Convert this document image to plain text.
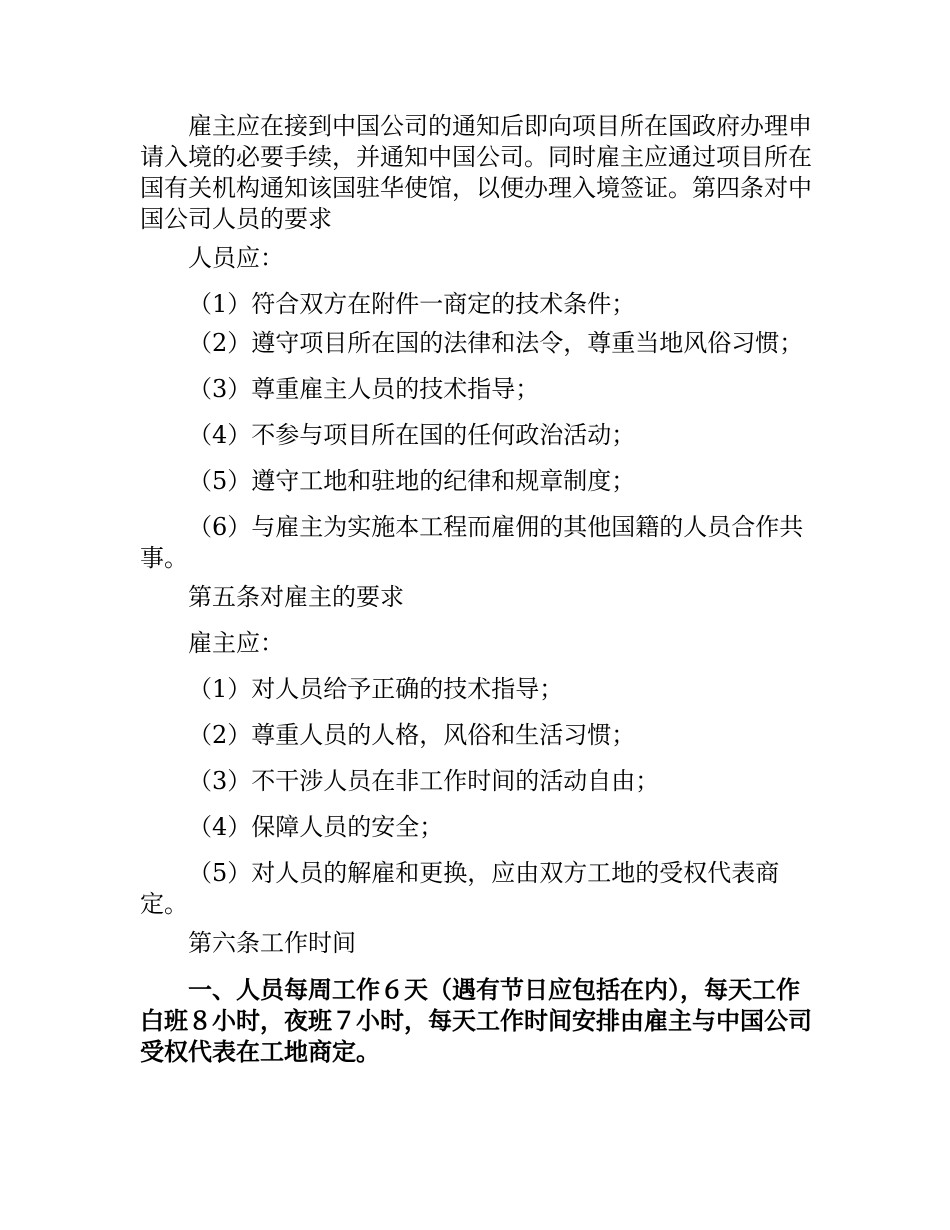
雇主应在接到中国公司的通知后即向项目所在国政府办理申请入境的必要手续，并通知中国公司。同时雇主应通过项目所在国有关机构通知该国驻华使馆，以便办理入境签证。第四条对中国公司人员的要求

人员应：

（1）符合双方在附件一商定的技术条件；

（2）遵守项目所在国的法律和法令，尊重当地风俗习惯；

（3）尊重雇主人员的技术指导；

（4）不参与项目所在国的任何政治活动；

（5）遵守工地和驻地的纪律和规章制度；

（6）与雇主为实施本工程而雇佣的其他国籍的人员合作共事。

第五条对雇主的要求

雇主应：

（1）对人员给予正确的技术指导；

（2）尊重人员的人格，风俗和生活习惯；

（3）不干涉人员在非工作时间的活动自由；

（4）保障人员的安全；

（5）对人员的解雇和更换，应由双方工地的受权代表商定。

第六条工作时间

一、人员每周工作６天（遇有节日应包括在内），每天工作白班８小时，夜班７小时，每天工作时间安排由雇主与中国公司受权代表在工地商定。
